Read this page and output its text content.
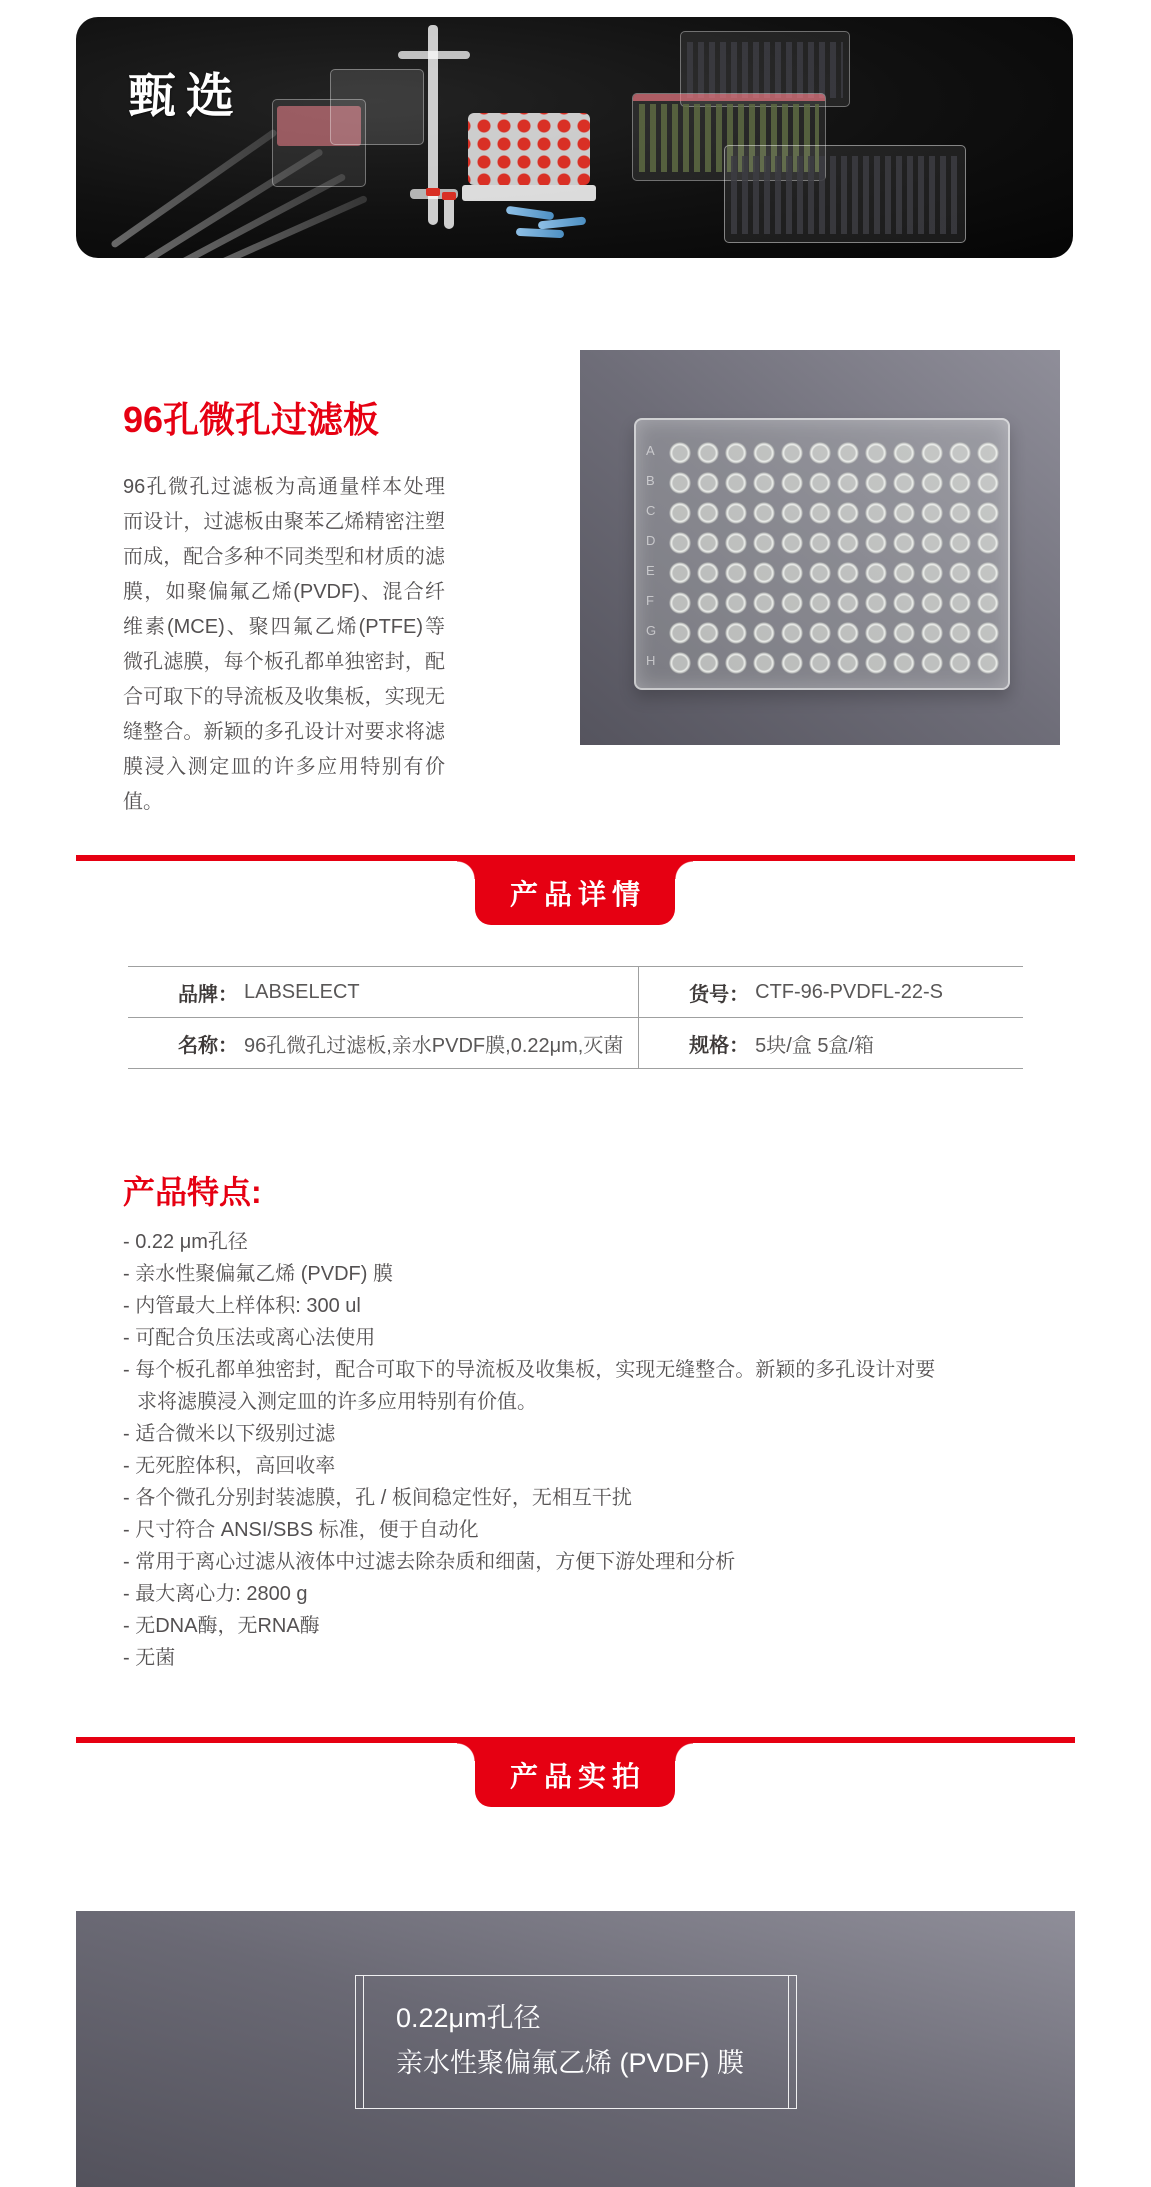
甄选
96孔微孔过滤板

96孔微孔过滤板为高通量样本处理而设计，过滤板由聚苯乙烯精密注塑而成，配合多种不同类型和材质的滤膜，如聚偏氟乙烯(PVDF)、混合纤维素(MCE)、聚四氟乙烯(PTFE)等微孔滤膜，每个板孔都单独密封，配合可取下的导流板及收集板，实现无缝整合。新颖的多孔设计对要求将滤膜浸入测定皿的许多应用特别有价值。

A
B
C
D
E
F
G
H
产品详情
品牌： LABSELECT	货号： CTF-96-PVDFL-22-S
名称： 96孔微孔过滤板,亲水PVDF膜,0.22μm,灭菌	规格： 5块/盒 5盒/箱
产品特点:
- 0.22 μm孔径
- 亲水性聚偏氟乙烯 (PVDF) 膜
- 内管最大上样体积: 300 ul
- 可配合负压法或离心法使用
- 每个板孔都单独密封，配合可取下的导流板及收集板，实现无缝整合。新颖的多孔设计对要求将滤膜浸入测定皿的许多应用特别有价值。
- 适合微米以下级别过滤
- 无死腔体积，高回收率
- 各个微孔分别封装滤膜，孔 / 板间稳定性好，无相互干扰
- 尺寸符合 ANSI/SBS 标准，便于自动化
- 常用于离心过滤从液体中过滤去除杂质和细菌，方便下游处理和分析
- 最大离心力: 2800 g
- 无DNA酶，无RNA酶
- 无菌
产品实拍
0.22μm孔径
亲水性聚偏氟乙烯 (PVDF) 膜
